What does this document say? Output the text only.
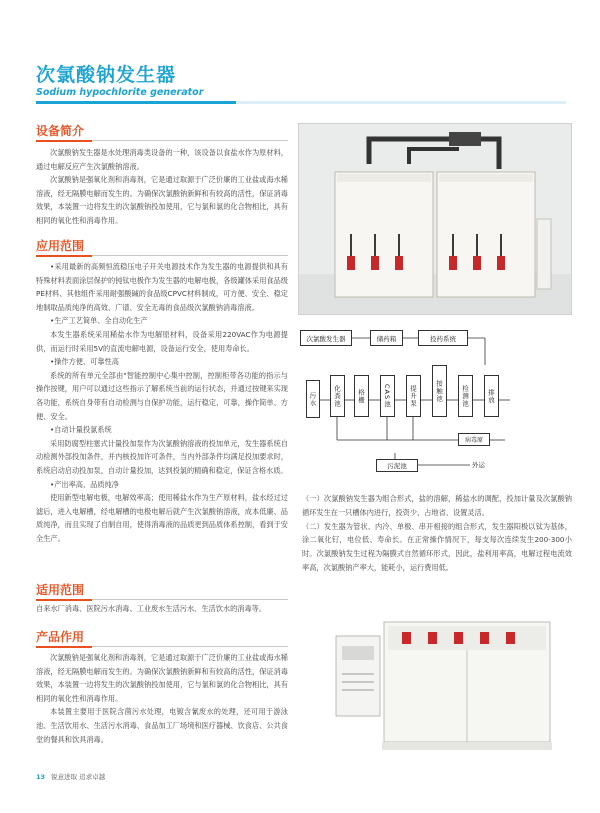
次氯酸钠发生器
Sodium hypochlorite generator
设备简介

次氯酸钠发生器是水处理消毒类设备的一种，该设备以食盐水作为原材料，通过电解反应产生次氯酸钠溶液。

次氯酸钠是强氧化剂和消毒剂，它是通过取源于广泛价廉的工业盐或海水稀溶液，经无隔膜电解而发生的。为确保次氯酸钠新鲜和有较高的活性，保证消毒效果，本装置一边将发生的次氯酸钠投加使用，它与氯和氯的化合物相比，具有相同的氧化性和消毒作用。

应用范围

•采用最新的高频恒流稳压电子开关电源技术作为发生器的电源提供和具有特殊材料表面涂层保护的钝钛电极作为发生器的电解电极，各级罐体采用食品级PE材料、其他组件采用耐强酸碱的食品级CPVC材料制成，可方便、安全、稳定地制取品质纯净的高效、广谱、安全无毒的食品级次氯酸钠消毒溶液。

•生产工艺简单、全自动化生产

本发生器系统采用稀盐水作为电解原材料，设备采用220VAC作为电源提供，而运行时采用5V的直流电解电源，设备运行安全，使用寿命长。

•操作方便、可靠性高

系统的所有单元全部由"智能控制中心集中控制，控制柜带各功能的指示与操作按键，用户可以通过这些指示了解系统当前的运行状态，并通过按键来实现各功能，系统自身带有自动检测与自保护功能，运行稳定、可靠，操作简单、方便、安全。

•自动计量投氯系统

采用防腐型柱塞式计量投加泵作为次氯酸钠溶液的投加单元，发生器系统自动检测外部投加条件，并内核投加许可条件，当内外部条件均满足投加要求时，系统启动启动投加泵，自动计量投加，达到投氯的精确和稳定，保证含格水质。

•产出率高、品质纯净

使用新型电解电极，电解效率高；使用稀盐水作为生产原材料，盐水经过过滤后，进入电解槽，经电解槽的电极电解后就产生次氯酸钠溶液，成本低廉、品质纯净，而且实现了自制自用，使得消毒液的品质更到品质体系控制，看到于安全生产。

适用范围

自来水厂消毒、医院污水消毒、工业废水生活污水、生活饮水的消毒等。

产品作用

次氯酸钠是强氧化剂和消毒剂，它是通过取源于广泛价廉的工业盐或海水稀溶液，经无隔膜电解而发生的。为确保次氯酸钠新鲜和有较高的活性，保证消毒效果，本装置一边将发生的次氯酸钠投加使用，它与氯和氯的化合物相比，具有相同的氧化性和消毒作用。

本装置主要用于医院含菌污水处理，电镀含氰废水的处理，还可用于游泳池、生活饮用水、生活污水消毒、食品加工厂场境和医疗器械、饮食店、公共食堂的餐具和饮具消毒。

次氯酸发生器	储药箱	投药系统
污水	化粪池	格栅	CAS池	提升泵	接触池	检测池	排放
病毒原
污泥池	外运

（一）次氯酸钠发生器为组合形式，盐的溶解，稀盐水的调配，投加计量及次氯酸钠循环发生在一只槽体内进行，投资少、占地省、设置灵活。

（二）发生器为管状、内冷、单极、串开相接的组合形式，发生器阳极以钛为基体，涂二氧化钌，电位低、寿命长。在正常操作情况下，每支每次连续发生200-300小时。次氯酸钠发生过程为隔膜式自然循环形式，因此，盐利用率高，电解过程电流效率高，次氯酸钠产率大，能耗小，运行费用低。

13 锐意进取 追求卓越
